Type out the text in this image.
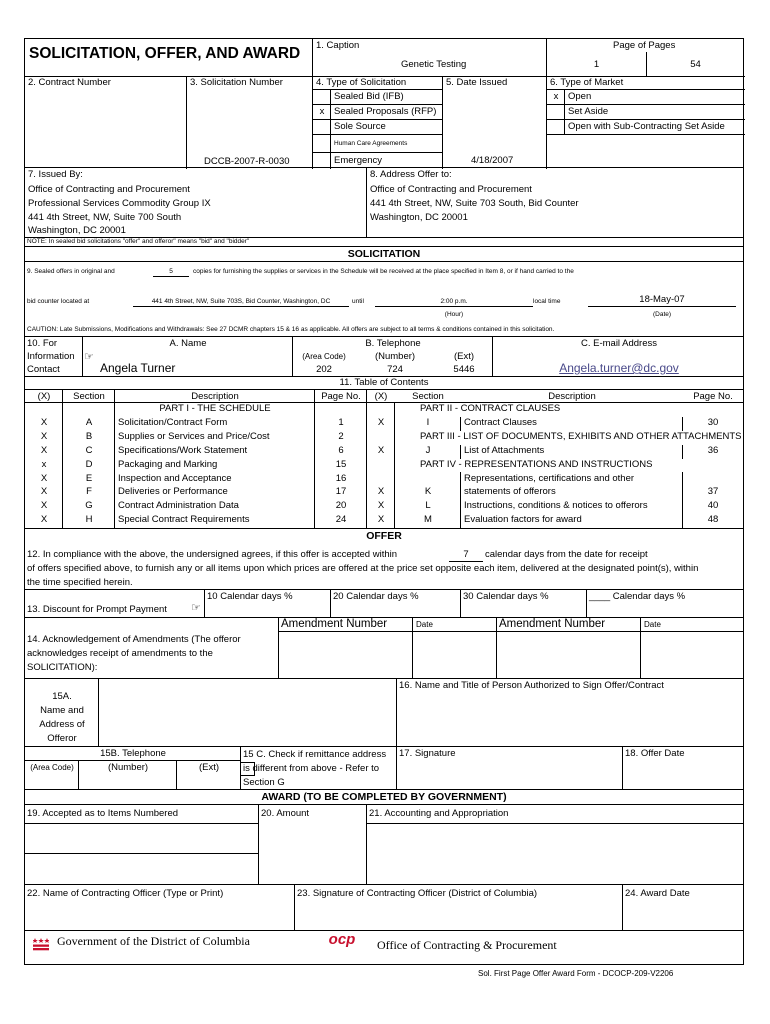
SOLICITATION, OFFER, AND AWARD 1. Caption
Genetic Testing
Page of Pages
1	54
2. Contract Number	3. Solicitation Number
DCCB-2007-R-0030
4. Type of Solicitation
Sealed Bid (IFB)
x	Sealed Proposals (RFP)
Sole Source
Human Care Agreements
Emergency
5. Date Issued
4/18/2007
6. Type of Market
x	Open
Set Aside
Open with Sub-Contracting Set Aside
7. Issued By:
Office of Contracting and Procurement
Professional Services Commodity Group IX
441 4th Street, NW, Suite 700 South
Washington, DC 20001
8. Address Offer to:
Office of Contracting and Procurement
441 4th Street, NW, Suite 703 South, Bid Counter
Washington, DC 20001
NOTE: In sealed bid solicitations "offer" and offeror" means "bid" and "bidder"
SOLICITATION
9. Sealed offers in original and	5	copies for furnishing the supplies or services in the Schedule will be received at the place specified in Item 8, or if hand carried to the
bid counter located at	441 4th Street, NW, Suite 703S, Bid Counter, Washington, DC	until	2:00 p.m.	local time	18-May-07
(Hour)	(Date)
CAUTION: Late Submissions, Modifications and Withdrawals: See 27 DCMR chapters 15 & 16 as applicable. All offers are subject to all terms & conditions contained in this solicitation.
10. For
Information ☞
Contact
A. Name
Angela Turner
B. Telephone
(Area Code)	(Number)	(Ext)
202	724	5446
C. E-mail Address
Angela.turner@dc.gov
11. Table of Contents
(X)	Section	Description	Page No.	(X)	Section	Description	Page No.
PART I - THE SCHEDULE
X	A	Solicitation/Contract Form	1
X	B	Supplies or Services and Price/Cost	2
X	C	Specifications/Work Statement	6
x	D	Packaging and Marking	15
X	E	Inspection and Acceptance	16
X	F	Deliveries or Performance	17
X	G	Contract Administration Data	20
X	H	Special Contract Requirements	24
PART II - CONTRACT CLAUSES
X	I	Contract Clauses	30
PART III - LIST OF DOCUMENTS, EXHIBITS AND OTHER ATTACHMENTS
X	J	List of Attachments	36
PART IV - REPRESENTATIONS AND INSTRUCTIONS
Representations, certifications and other
X	K	statements of offerors	37
X	L	Instructions, conditions & notices to offerors	40
X	M	Evaluation factors for award	48
OFFER
12. In compliance with the above, the undersigned agrees, if this offer is accepted within	7	calendar days from the date for receipt
of offers specified above, to furnish any or all items upon which prices are offered at the price set opposite each item, delivered at the designated point(s), within
the time specified herein.
13. Discount for Prompt Payment ☞
10 Calendar days %	20 Calendar days %	30 Calendar days %	____ Calendar days %
14. Acknowledgement of Amendments (The offeror
acknowledges receipt of amendments to the
SOLICITATION):
Amendment Number	Date	Amendment Number	Date
15A.
Name and
Address of
Offeror
16. Name and Title of Person Authorized to Sign Offer/Contract
15B. Telephone
(Area Code)	(Number)	(Ext)
15 C. Check if remittance address
is different from above - Refer to
Section G
17. Signature	18. Offer Date
AWARD (TO BE COMPLETED BY GOVERNMENT)
19. Accepted as to Items Numbered	20. Amount	21. Accounting and Appropriation
22. Name of Contracting Officer (Type or Print)	23. Signature of Contracting Officer (District of Columbia)	24. Award Date
Government of the District of Columbia	ocp Office of Contracting & Procurement
Sol. First Page Offer Award Form - DCOCP-209-V2206
